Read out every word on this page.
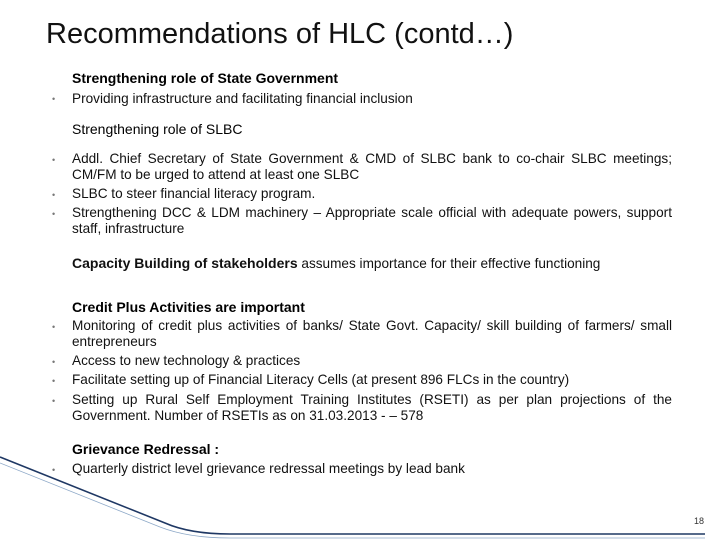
Recommendations of HLC (contd…)
Strengthening role of State Government
• Providing infrastructure and facilitating financial inclusion
Strengthening role of SLBC
• Addl. Chief Secretary of State Government & CMD of SLBC bank to co-chair SLBC meetings; CM/FM to be urged to attend at least one SLBC
• SLBC to steer financial literacy program.
• Strengthening DCC & LDM machinery – Appropriate scale official with adequate powers, support staff, infrastructure
Capacity Building of stakeholders assumes importance for their effective functioning
Credit Plus Activities are important
• Monitoring of credit plus activities of banks/ State Govt. Capacity/ skill building of farmers/ small entrepreneurs
• Access to new technology & practices
• Facilitate setting up of Financial Literacy Cells (at present 896 FLCs in the country)
• Setting up Rural Self Employment Training Institutes (RSETI) as per plan projections of the Government. Number of RSETIs as on 31.03.2013 - – 578
Grievance Redressal :
• Quarterly district level grievance redressal meetings by lead bank
18
